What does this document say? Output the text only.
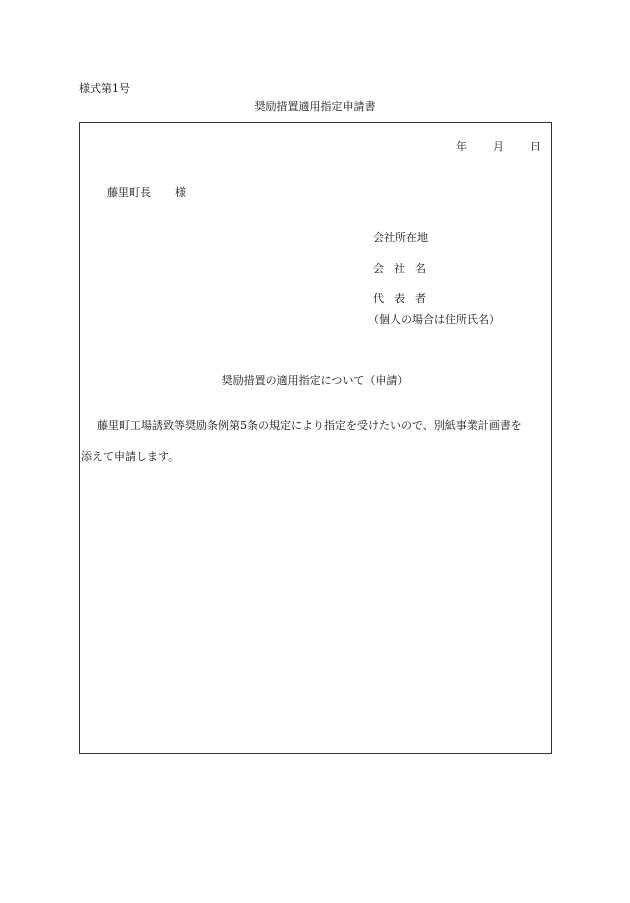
様式第1号
奨励措置適用指定申請書
年 月 日
藤里町長 様
会社所在地
会社名
代表者
（個人の場合は住所氏名）
奨励措置の適用指定について（申請）
藤里町工場誘致等奨励条例第5条の規定により指定を受けたいので、別紙事業計画書を
添えて申請します。
